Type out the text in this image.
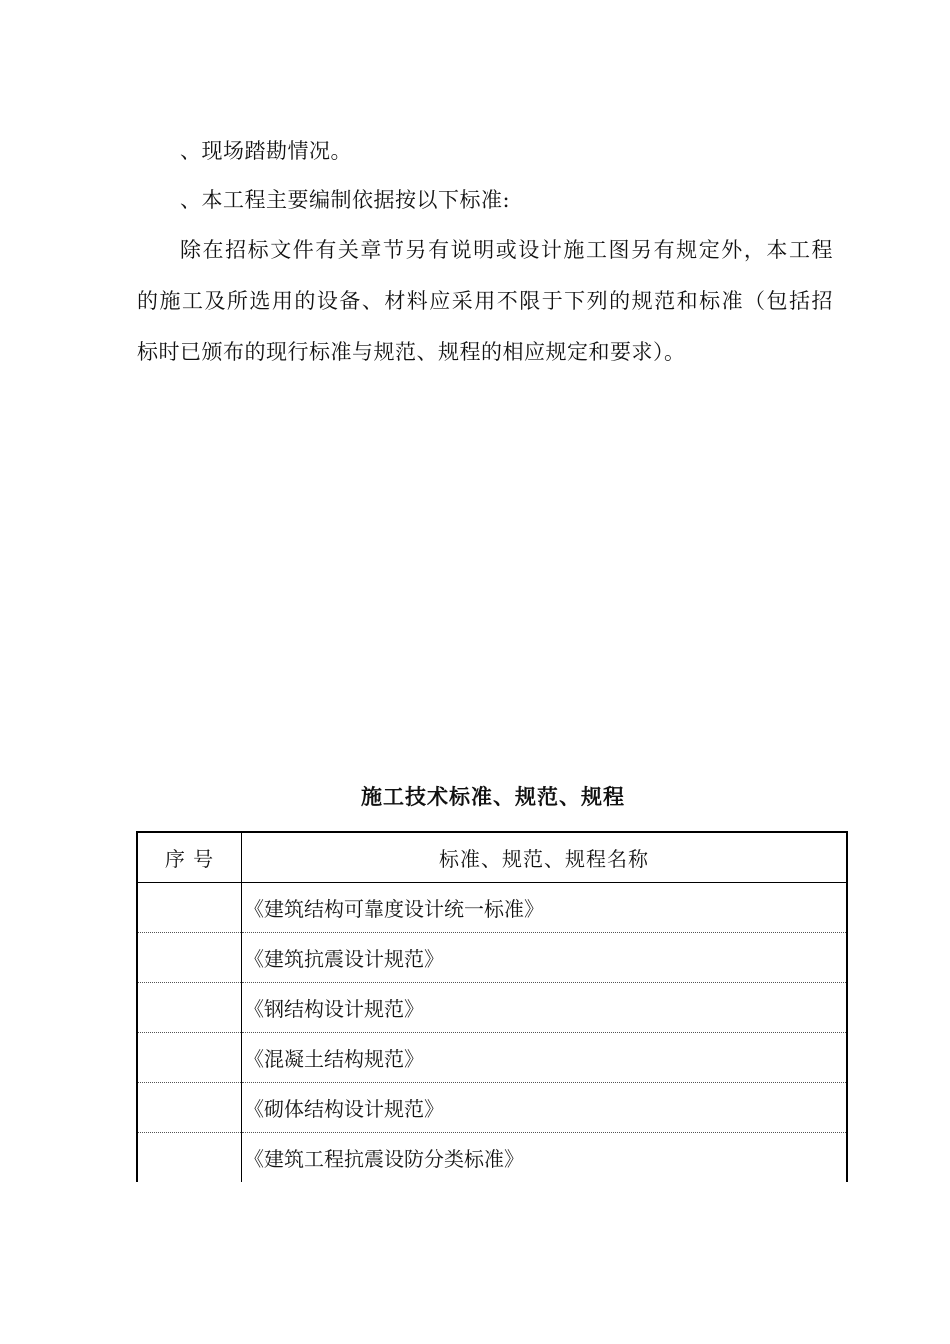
、现场踏勘情况。
、本工程主要编制依据按以下标准:
除在招标文件有关章节另有说明或设计施工图另有规定外，本工程
的施工及所选用的设备、材料应采用不限于下列的规范和标准（包括招
标时已颁布的现行标准与规范、规程的相应规定和要求）。
施工技术标准、规范、规程
序 号	标准、规范、规程名称
	《建筑结构可靠度设计统一标准》
	《建筑抗震设计规范》
	《钢结构设计规范》
	《混凝土结构规范》
	《砌体结构设计规范》
	《建筑工程抗震设防分类标准》
